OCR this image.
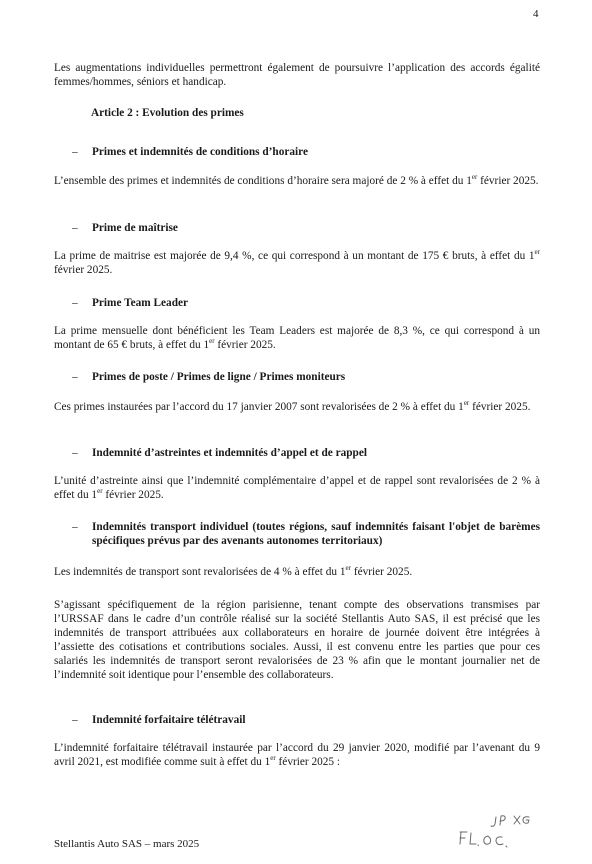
4
Les augmentations individuelles permettront également de poursuivre l’application des accords égalité femmes/hommes, séniors et handicap.
Article 2 : Evolution des primes
– Primes et indemnités de conditions d’horaire
L’ensemble des primes et indemnités de conditions d’horaire sera majoré de 2 % à effet du 1er février 2025.
– Prime de maîtrise
La prime de maitrise est majorée de 9,4 %, ce qui correspond à un montant de 175 € bruts, à effet du 1er février 2025.
– Prime Team Leader
La prime mensuelle dont bénéficient les Team Leaders est majorée de 8,3 %, ce qui correspond à un montant de 65 € bruts, à effet du 1er février 2025.
– Primes de poste / Primes de ligne / Primes moniteurs
Ces primes instaurées par l’accord du 17 janvier 2007 sont revalorisées de 2 % à effet du 1er février 2025.
– Indemnité d’astreintes et indemnités d’appel et de rappel
L’unité d’astreinte ainsi que l’indemnité complémentaire d’appel et de rappel sont revalorisées de 2 % à effet du 1er février 2025.
– Indemnités transport individuel (toutes régions, sauf indemnités faisant l'objet de barèmes spécifiques prévus par des avenants autonomes territoriaux)
Les indemnités de transport sont revalorisées de 4 % à effet du 1er février 2025.
S’agissant spécifiquement de la région parisienne, tenant compte des observations transmises par l’URSSAF dans le cadre d’un contrôle réalisé sur la société Stellantis Auto SAS, il est précisé que les indemnités de transport attribuées aux collaborateurs en horaire de journée doivent être intégrées à l’assiette des cotisations et contributions sociales. Aussi, il est convenu entre les parties que pour ces salariés les indemnités de transport seront revalorisées de 23 % afin que le montant journalier net de l’indemnité soit identique pour l’ensemble des collaborateurs.
– Indemnité forfaitaire télétravail
L’indemnité forfaitaire télétravail instaurée par l’accord du 29 janvier 2020, modifié par l’avenant du 9 avril 2021, est modifiée comme suit à effet du 1er février 2025 :
Stellantis Auto SAS – mars 2025
